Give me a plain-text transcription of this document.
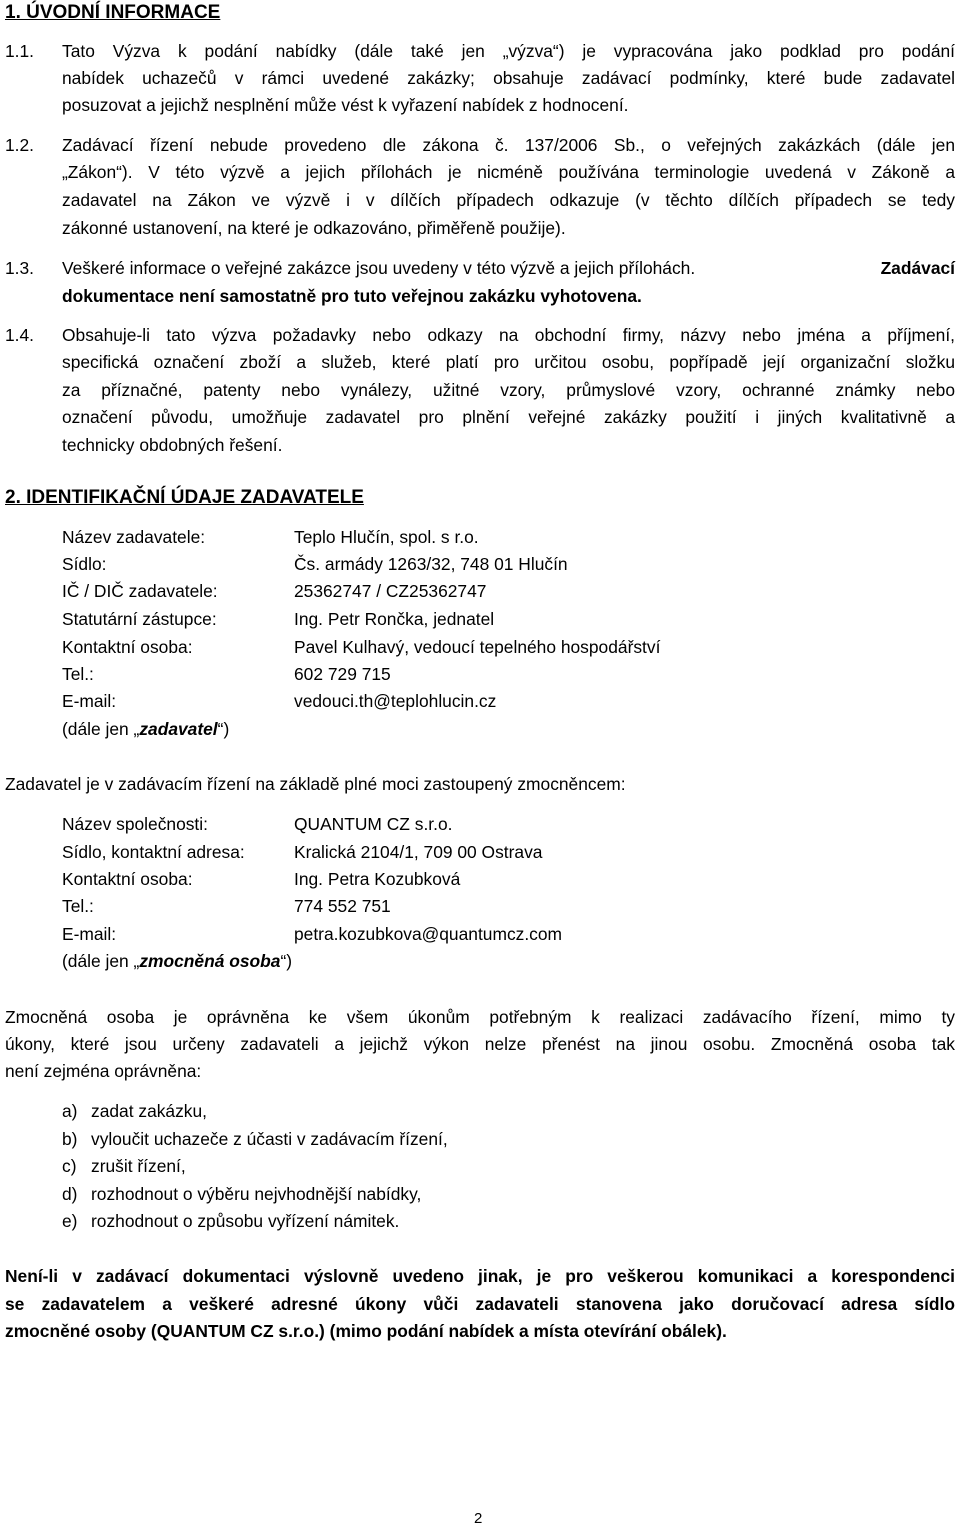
1. ÚVODNÍ INFORMACE
1.1. Tato Výzva k podání nabídky (dále také jen „výzva“) je vypracována jako podklad pro podání
nabídek uchazečů v rámci uvedené zakázky; obsahuje zadávací podmínky, které bude zadavatel
posuzovat a jejichž nesplnění může vést k vyřazení nabídek z hodnocení.
1.2. Zadávací řízení nebude provedeno dle zákona č. 137/2006 Sb., o veřejných zakázkách (dále jen
„Zákon“). V této výzvě a jejich přílohách je nicméně používána terminologie uvedená v Zákoně a
zadavatel na Zákon ve výzvě i v dílčích případech odkazuje (v těchto dílčích případech se tedy
zákonné ustanovení, na které je odkazováno, přiměřeně použije).
1.3. Veškeré informace o veřejné zakázce jsou uvedeny v této výzvě a jejich přílohách.	Zadávací
dokumentace není samostatně pro tuto veřejnou zakázku vyhotovena.
1.4. Obsahuje-li tato výzva požadavky nebo odkazy na obchodní firmy, názvy nebo jména a příjmení,
specifická označení zboží a služeb, které platí pro určitou osobu, popřípadě její organizační složku
za příznačné, patenty nebo vynálezy, užitné vzory, průmyslové vzory, ochranné známky nebo
označení původu, umožňuje zadavatel pro plnění veřejné zakázky použití i jiných kvalitativně a
technicky obdobných řešení.
2. IDENTIFIKAČNÍ ÚDAJE ZADAVATELE
Název zadavatele:	Teplo Hlučín, spol. s r.o.
Sídlo:	Čs. armády 1263/32, 748 01 Hlučín
IČ / DIČ zadavatele:	25362747 / CZ25362747
Statutární zástupce:	Ing. Petr Rončka, jednatel
Kontaktní osoba:	Pavel Kulhavý, vedoucí tepelného hospodářství
Tel.:	602 729 715
E-mail:	vedouci.th@teplohlucin.cz
(dále jen „zadavatel“)
Zadavatel je v zadávacím řízení na základě plné moci zastoupený zmocněncem:
Název společnosti:	QUANTUM CZ s.r.o.
Sídlo, kontaktní adresa:	Kralická 2104/1, 709 00 Ostrava
Kontaktní osoba:	Ing. Petra Kozubková
Tel.:	774 552 751
E-mail:	petra.kozubkova@quantumcz.com
(dále jen „zmocněná osoba“)
Zmocněná osoba je oprávněna ke všem úkonům potřebným k realizaci zadávacího řízení, mimo ty
úkony, které jsou určeny zadavateli a jejichž výkon nelze přenést na jinou osobu. Zmocněná osoba tak
není zejména oprávněna:
a) zadat zakázku,
b) vyloučit uchazeče z účasti v zadávacím řízení,
c) zrušit řízení,
d) rozhodnout o výběru nejvhodnější nabídky,
e) rozhodnout o způsobu vyřízení námitek.
Není-li v zadávací dokumentaci výslovně uvedeno jinak, je pro veškerou komunikaci a korespondenci
se zadavatelem a veškeré adresné úkony vůči zadavateli stanovena jako doručovací adresa sídlo
zmocněné osoby (QUANTUM CZ s.r.o.) (mimo podání nabídek a místa otevírání obálek).
2
